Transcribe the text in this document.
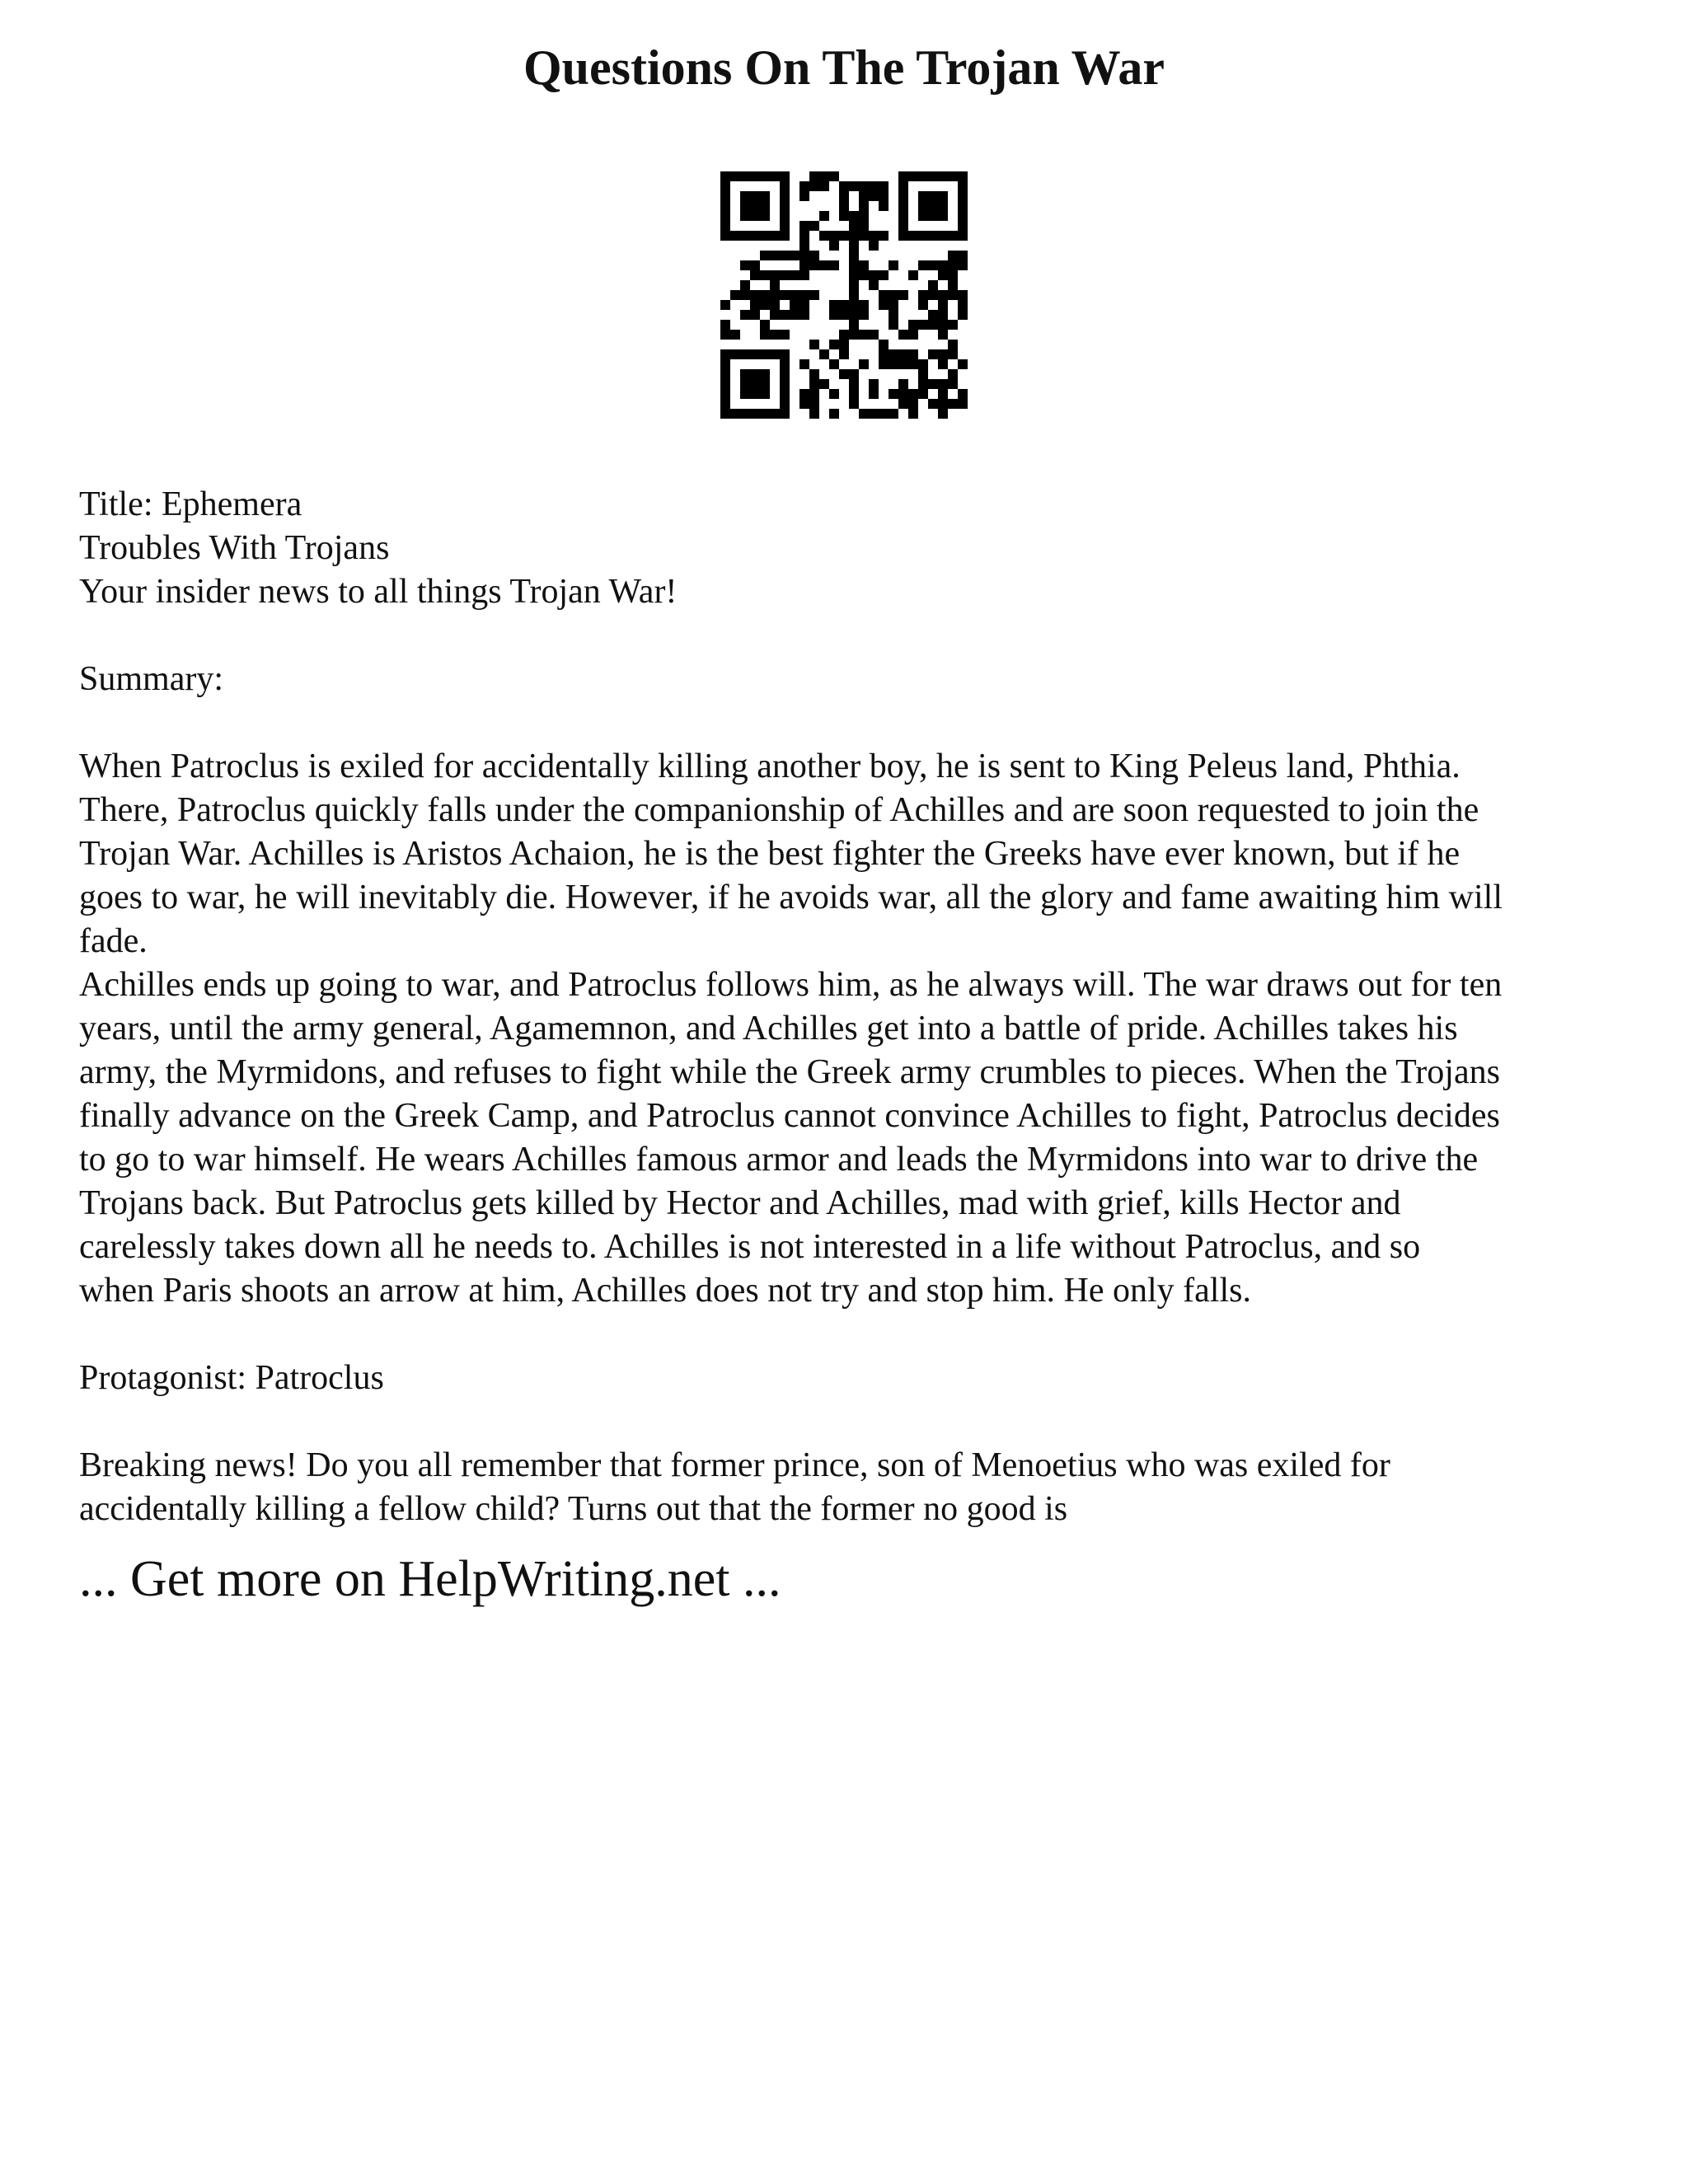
Questions On The Trojan War
Title: Ephemera
Troubles With Trojans
Your insider news to all things Trojan War!
Summary:
When Patroclus is exiled for accidentally killing another boy, he is sent to King Peleus land, Phthia.
There, Patroclus quickly falls under the companionship of Achilles and are soon requested to join the
Trojan War. Achilles is Aristos Achaion, he is the best fighter the Greeks have ever known, but if he
goes to war, he will inevitably die. However, if he avoids war, all the glory and fame awaiting him will
fade.
Achilles ends up going to war, and Patroclus follows him, as he always will. The war draws out for ten
years, until the army general, Agamemnon, and Achilles get into a battle of pride. Achilles takes his
army, the Myrmidons, and refuses to fight while the Greek army crumbles to pieces. When the Trojans
finally advance on the Greek Camp, and Patroclus cannot convince Achilles to fight, Patroclus decides
to go to war himself. He wears Achilles famous armor and leads the Myrmidons into war to drive the
Trojans back. But Patroclus gets killed by Hector and Achilles, mad with grief, kills Hector and
carelessly takes down all he needs to. Achilles is not interested in a life without Patroclus, and so
when Paris shoots an arrow at him, Achilles does not try and stop him. He only falls.
Protagonist: Patroclus
Breaking news! Do you all remember that former prince, son of Menoetius who was exiled for
accidentally killing a fellow child? Turns out that the former no good is
... Get more on HelpWriting.net ...
